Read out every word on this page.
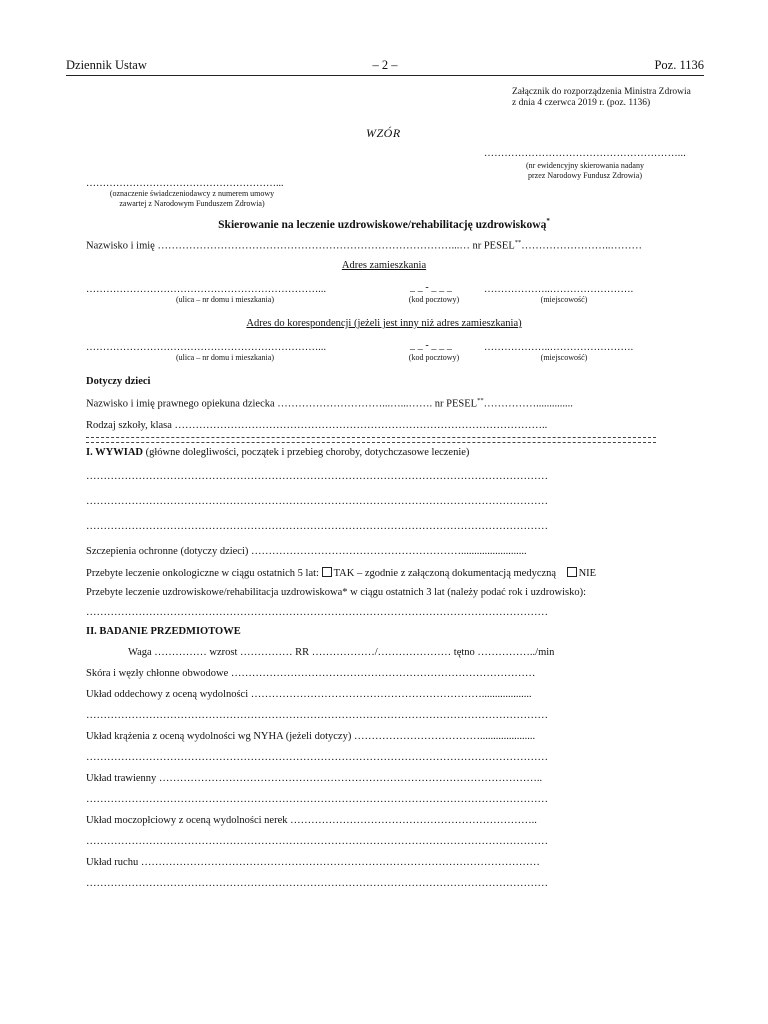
Dziennik Ustaw	– 2 –	Poz. 1136
Załącznik do rozporządzenia Ministra Zdrowia
z dnia 4 czerwca 2019 r. (poz. 1136)
WZÓR
…………………………………………………...
(nr ewidencyjny skierowania nadany
przez Narodowy Fundusz Zdrowia)
…………………………………………………...
(oznaczenie świadczeniodawcy z numerem umowy
zawartej z Narodowym Funduszem Zdrowia)
Skierowanie na leczenie uzdrowiskowe/rehabilitację uzdrowiskową*
Nazwisko i imię …………………………………………………………………………...… nr PESEL**……………………..………
Adres zamieszkania
……………………………………………………………...	_ _ - _ _ _	………………..…………………….
(ulica – nr domu i mieszkania)	(kod pocztowy)	(miejscowość)
Adres do korespondencji (jeżeli jest inny niż adres zamieszkania)
……………………………………………………………...	_ _ - _ _ _	………………..…………………….
(ulica – nr domu i mieszkania)	(kod pocztowy)	(miejscowość)
Dotyczy dzieci
Nazwisko i imię prawnego opiekuna dziecka …………………………...…...……. nr PESEL**……………..............
Rodzaj szkoły, klasa ……………………………………………………………………………………………..
I. WYWIAD (główne dolegliwości, początek i przebieg choroby, dotychczasowe leczenie)
……………………………………………………………………………………………………………………
……………………………………………………………………………………………………………………
……………………………………………………………………………………………………………………
Szczepienia ochronne (dotyczy dzieci) …………………………………………………….........................
Przebyte leczenie onkologiczne w ciągu ostatnich 5 lat: TAK – zgodnie z załączoną dokumentacją medyczną NIE
Przebyte leczenie uzdrowiskowe/rehabilitacja uzdrowiskowa* w ciągu ostatnich 3 lat (należy podać rok i uzdrowisko):
……………………………………………………………………………………………………………………
II. BADANIE PRZEDMIOTOWE
Waga …………… wzrost …………… RR ………………/………………… tętno ……………../min
Skóra i węzły chłonne obwodowe ……………………………………………………………………………
Układ oddechowy z oceną wydolności …………………………………………………………...................
……………………………………………………………………………………………………………………
Układ krążenia z oceną wydolności wg NYHA (jeżeli dotyczy) ……………………………….....................
……………………………………………………………………………………………………………………
Układ trawienny ………………………………………………………………………………………………..
……………………………………………………………………………………………………………………
Układ moczopłciowy z oceną wydolności nerek ……………………………………………………………..
……………………………………………………………………………………………………………………
Układ ruchu ……………………………………………………………………………………………………
……………………………………………………………………………………………………………………
